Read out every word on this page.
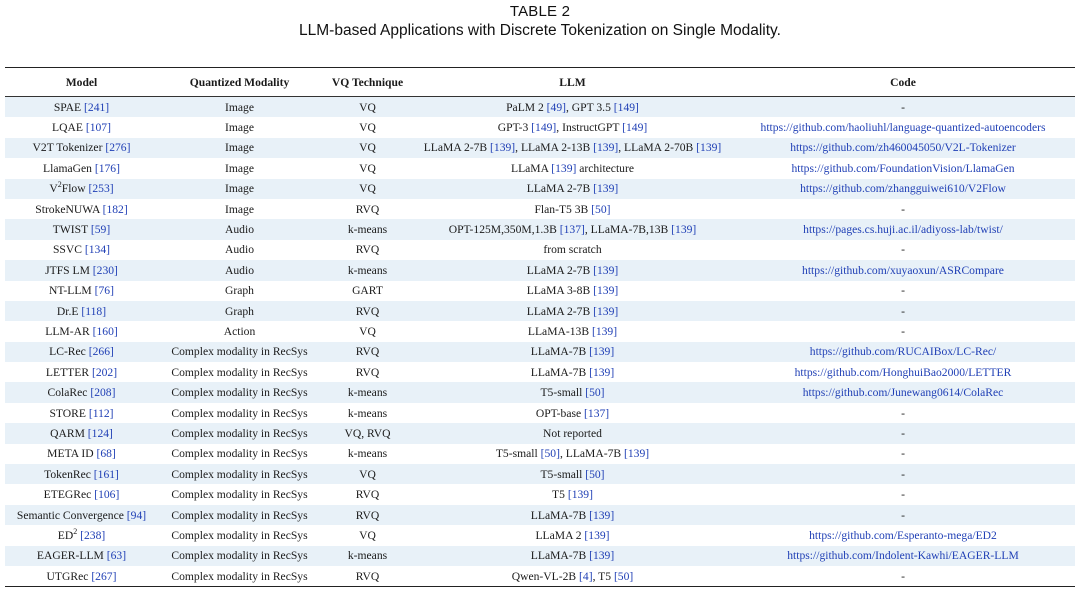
TABLE 2
LLM-based Applications with Discrete Tokenization on Single Modality.
Model	Quantized Modality	VQ Technique	LLM	Code
SPAE [241]	Image	VQ	PaLM 2 [49], GPT 3.5 [149]	-
LQAE [107]	Image	VQ	GPT-3 [149], InstructGPT [149]	https://github.com/haoliuhl/language-quantized-autoencoders
V2T Tokenizer [276]	Image	VQ	LLaMA 2-7B [139], LLaMA 2-13B [139], LLaMA 2-70B [139]	https://github.com/zh460045050/V2L-Tokenizer
LlamaGen [176]	Image	VQ	LLaMA [139] architecture	https://github.com/FoundationVision/LlamaGen
$V^2Flow$ [253]	Image	VQ	LLaMA 2-7B [139]	https://github.com/zhangguiwei610/V2Flow
StrokeNUWA [182]	Image	RVQ	Flan-T5 3B [50]	-
TWIST [59]	Audio	k-means	OPT-125M,350M,1.3B [137], LLaMA-7B,13B [139]	https://pages.cs.huji.ac.il/adiyoss-lab/twist/
SSVC [134]	Audio	RVQ	from scratch	-
JTFS LM [230]	Audio	k-means	LLaMA 2-7B [139]	https://github.com/xuyaoxun/ASRCompare
NT-LLM [76]	Graph	GART	LLaMA 3-8B [139]	-
Dr.E [118]	Graph	RVQ	LLaMA 2-7B [139]	-
LLM-AR [160]	Action	VQ	LLaMA-13B [139]	-
LC-Rec [266]	Complex modality in RecSys	RVQ	LLaMA-7B [139]	https://github.com/RUCAIBox/LC-Rec/
LETTER [202]	Complex modality in RecSys	RVQ	LLaMA-7B [139]	https://github.com/HonghuiBao2000/LETTER
ColaRec [208]	Complex modality in RecSys	k-means	T5-small [50]	https://github.com/Junewang0614/ColaRec
STORE [112]	Complex modality in RecSys	k-means	OPT-base [137]	-
QARM [124]	Complex modality in RecSys	VQ, RVQ	Not reported	-
META ID [68]	Complex modality in RecSys	k-means	T5-small [50], LLaMA-7B [139]	-
TokenRec [161]	Complex modality in RecSys	VQ	T5-small [50]	-
ETEGRec [106]	Complex modality in RecSys	RVQ	T5 [139]	-
Semantic Convergence [94]	Complex modality in RecSys	RVQ	LLaMA-7B [139]	-
$ED^2$ [238]	Complex modality in RecSys	VQ	LLaMA 2 [139]	https://github.com/Esperanto-mega/ED2
EAGER-LLM [63]	Complex modality in RecSys	k-means	LLaMA-7B [139]	https://github.com/Indolent-Kawhi/EAGER-LLM
UTGRec [267]	Complex modality in RecSys	RVQ	Qwen-VL-2B [4], T5 [50]	-
